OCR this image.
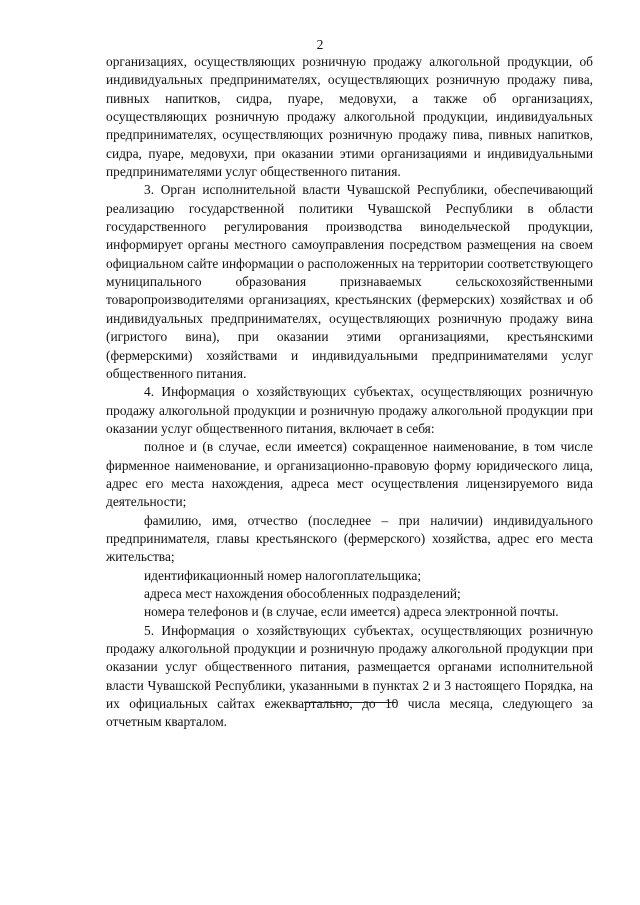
2

организациях, осуществляющих розничную продажу алкогольной продукции, об индивидуальных предпринимателях, осуществляющих розничную продажу пива, пивных напитков, сидра, пуаре, медовухи, а также об организациях, осуществляющих розничную продажу алкогольной продукции, индивидуальных предпринимателях, осуществляющих розничную продажу пива, пивных напитков, сидра, пуаре, медовухи, при оказании этими организациями и индивидуальными предпринимателями услуг общественного питания.

3. Орган исполнительной власти Чувашской Республики, обеспечивающий реализацию государственной политики Чувашской Республики в области государственного регулирования производства винодельческой продукции, информирует органы местного самоуправления посредством размещения на своем официальном сайте информации о расположенных на территории соответствующего муниципального образования признаваемых сельскохозяйственными товаропроизводителями организациях, крестьянских (фермерских) хозяйствах и об индивидуальных предпринимателях, осуществляющих розничную продажу вина (игристого вина), при оказании этими организациями, крестьянскими (фермерскими) хозяйствами и индивидуальными предпринимателями услуг общественного питания.

4. Информация о хозяйствующих субъектах, осуществляющих розничную продажу алкогольной продукции и розничную продажу алкогольной продукции при оказании услуг общественного питания, включает в себя:

полное и (в случае, если имеется) сокращенное наименование, в том числе фирменное наименование, и организационно-правовую форму юридического лица, адрес его места нахождения, адреса мест осуществления лицензируемого вида деятельности;

фамилию, имя, отчество (последнее – при наличии) индивидуального предпринимателя, главы крестьянского (фермерского) хозяйства, адрес его места жительства;

идентификационный номер налогоплательщика;

адреса мест нахождения обособленных подразделений;

номера телефонов и (в случае, если имеется) адреса электронной почты.

5. Информация о хозяйствующих субъектах, осуществляющих розничную продажу алкогольной продукции и розничную продажу алкогольной продукции при оказании услуг общественного питания, размещается органами исполнительной власти Чувашской Республики, указанными в пунктах 2 и 3 настоящего Порядка, на их официальных сайтах ежеквартально, до 10 числа месяца, следующего за отчетным кварталом.
